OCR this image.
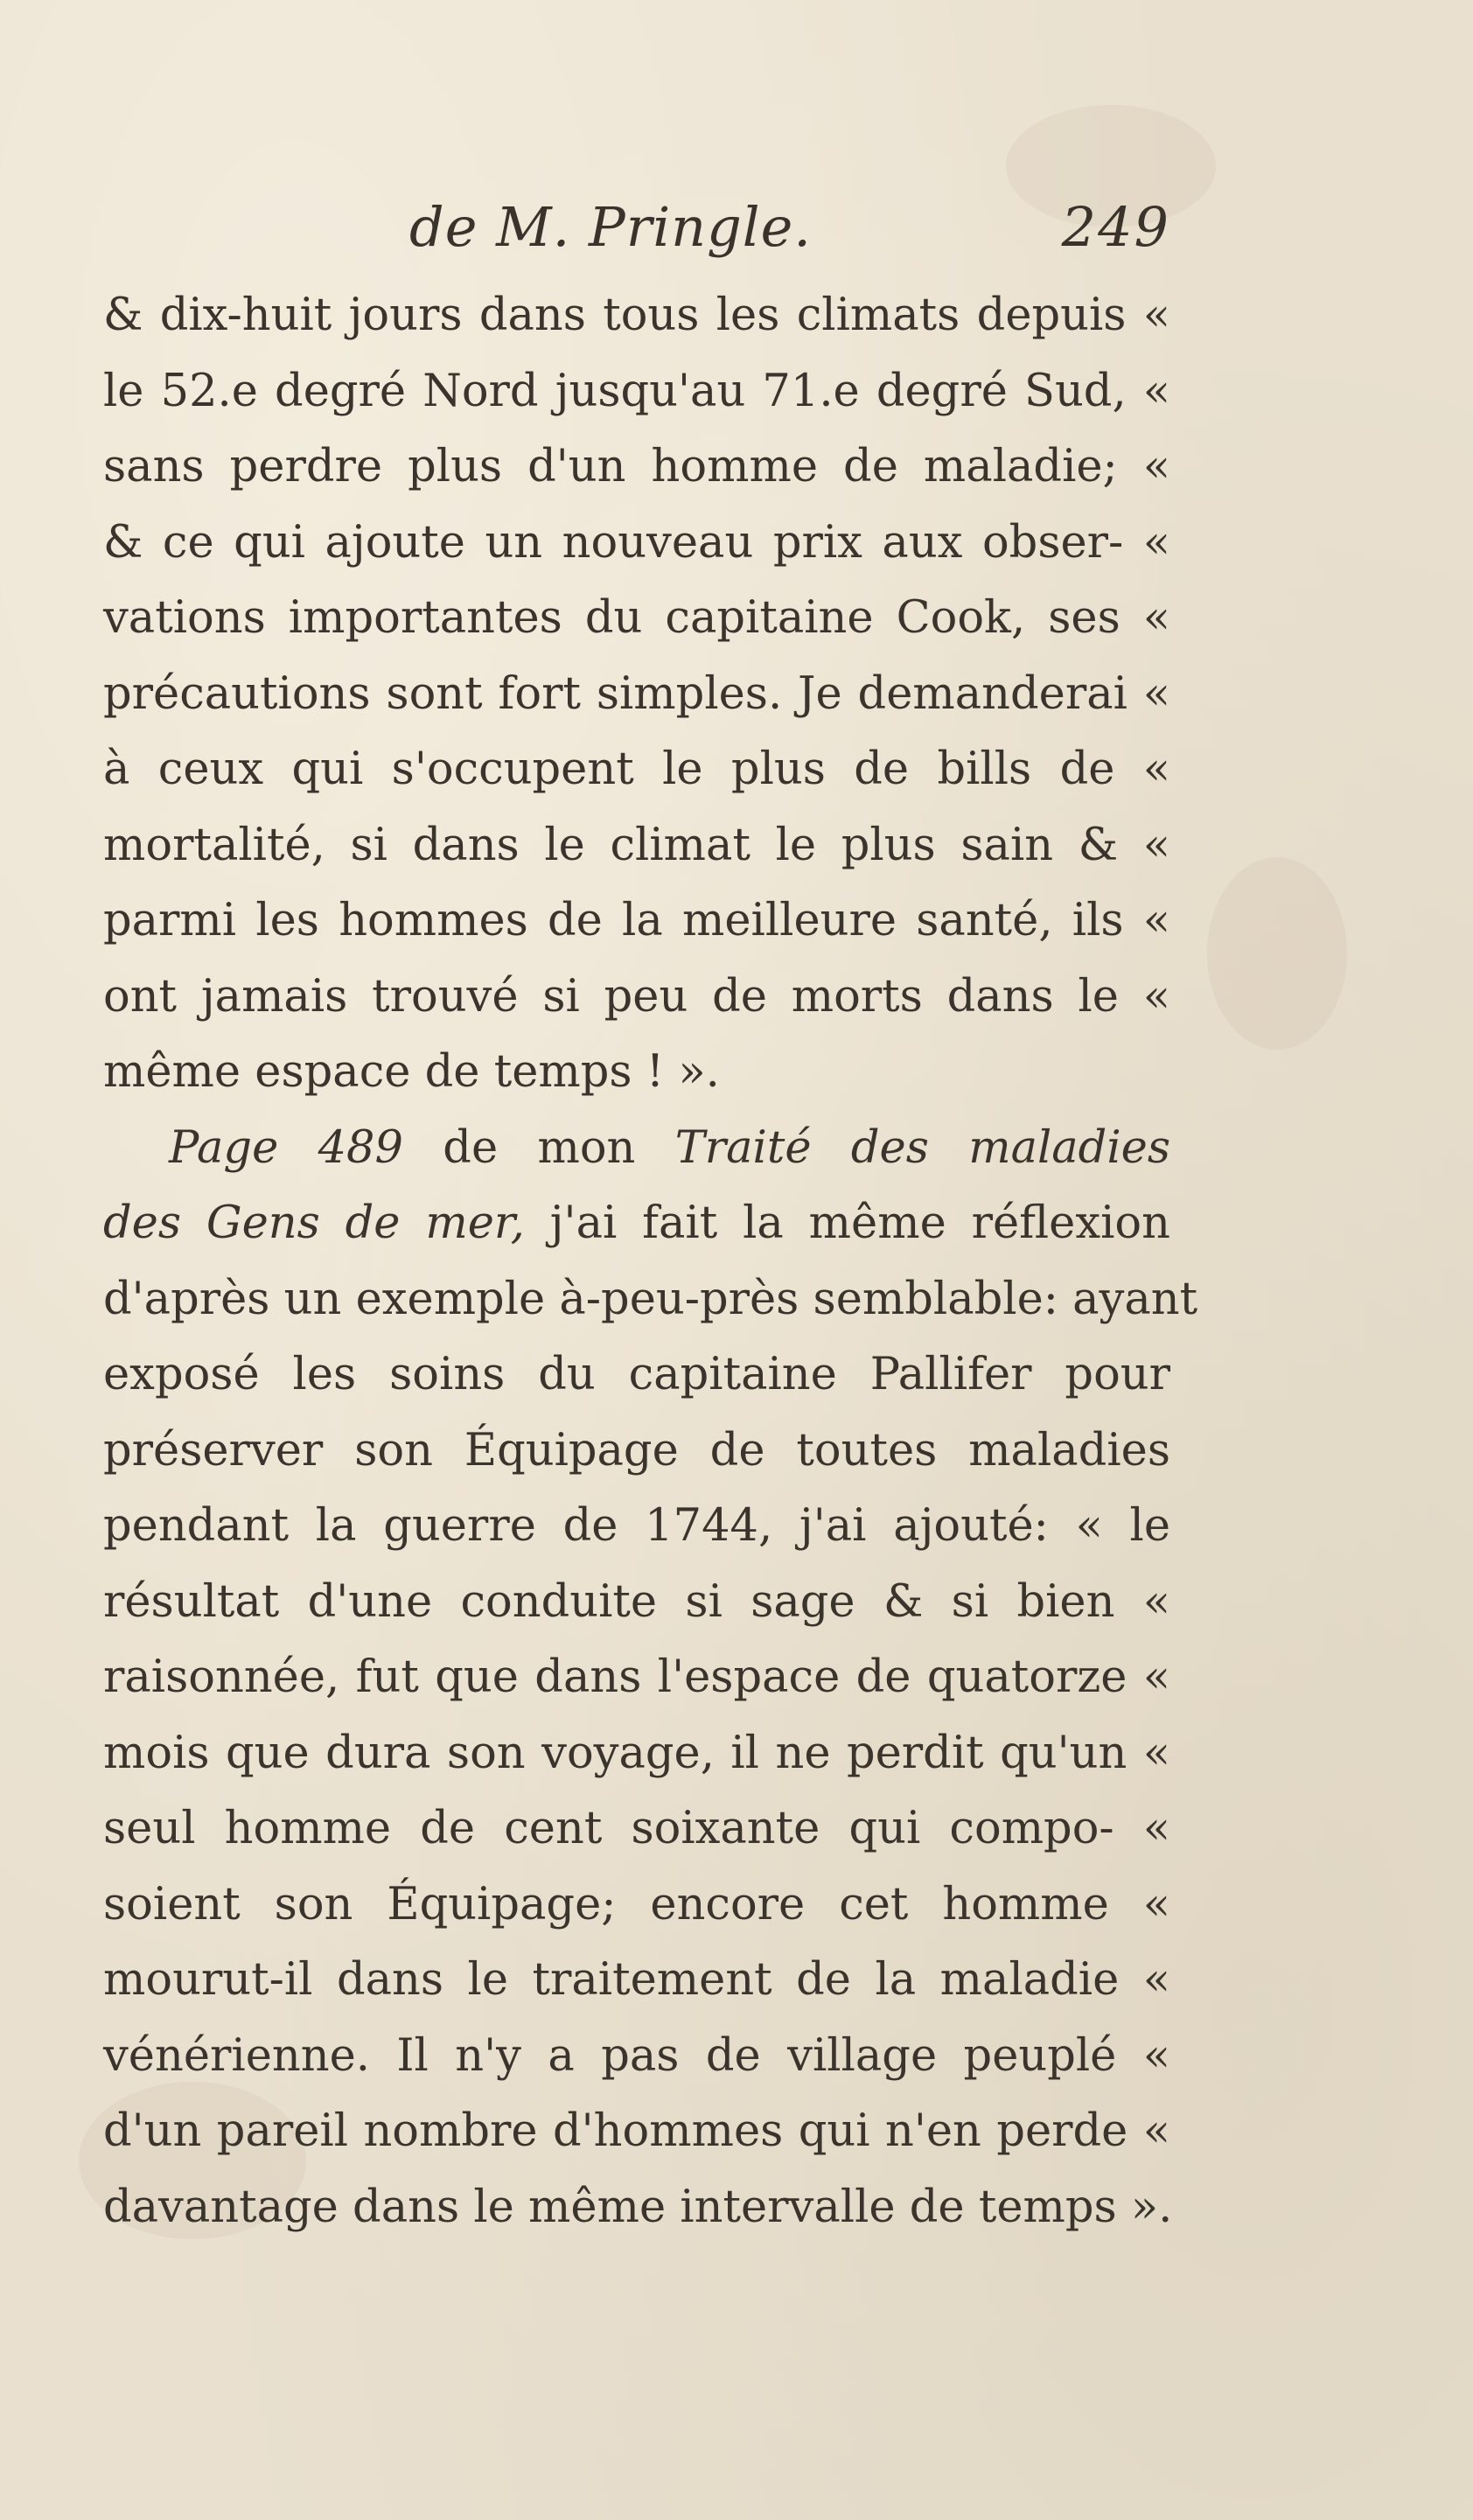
de M. Pringle.	249
& dix-huit jours dans tous les climats depuis «
le 52.e degré Nord jusqu'au 71.e degré Sud, «
sans perdre plus d'un homme de maladie; «
& ce qui ajoute un nouveau prix aux obser- «
vations importantes du capitaine Cook, ses «
précautions sont fort simples. Je demanderai «
à ceux qui s'occupent le plus de bills de «
mortalité, si dans le climat le plus sain & «
parmi les hommes de la meilleure santé, ils «
ont jamais trouvé si peu de morts dans le «
même espace de temps ! ».
Page 489 de mon Traité des maladies
des Gens de mer, j'ai fait la même réflexion
d'après un exemple à-peu-près semblable: ayant
exposé les soins du capitaine Pallifer pour
préserver son Équipage de toutes maladies
pendant la guerre de 1744, j'ai ajouté: « le
résultat d'une conduite si sage & si bien «
raisonnée, fut que dans l'espace de quatorze «
mois que dura son voyage, il ne perdit qu'un «
seul homme de cent soixante qui compo- «
soient son Équipage; encore cet homme «
mourut-il dans le traitement de la maladie «
vénérienne. Il n'y a pas de village peuplé «
d'un pareil nombre d'hommes qui n'en perde «
davantage dans le même intervalle de temps ».
